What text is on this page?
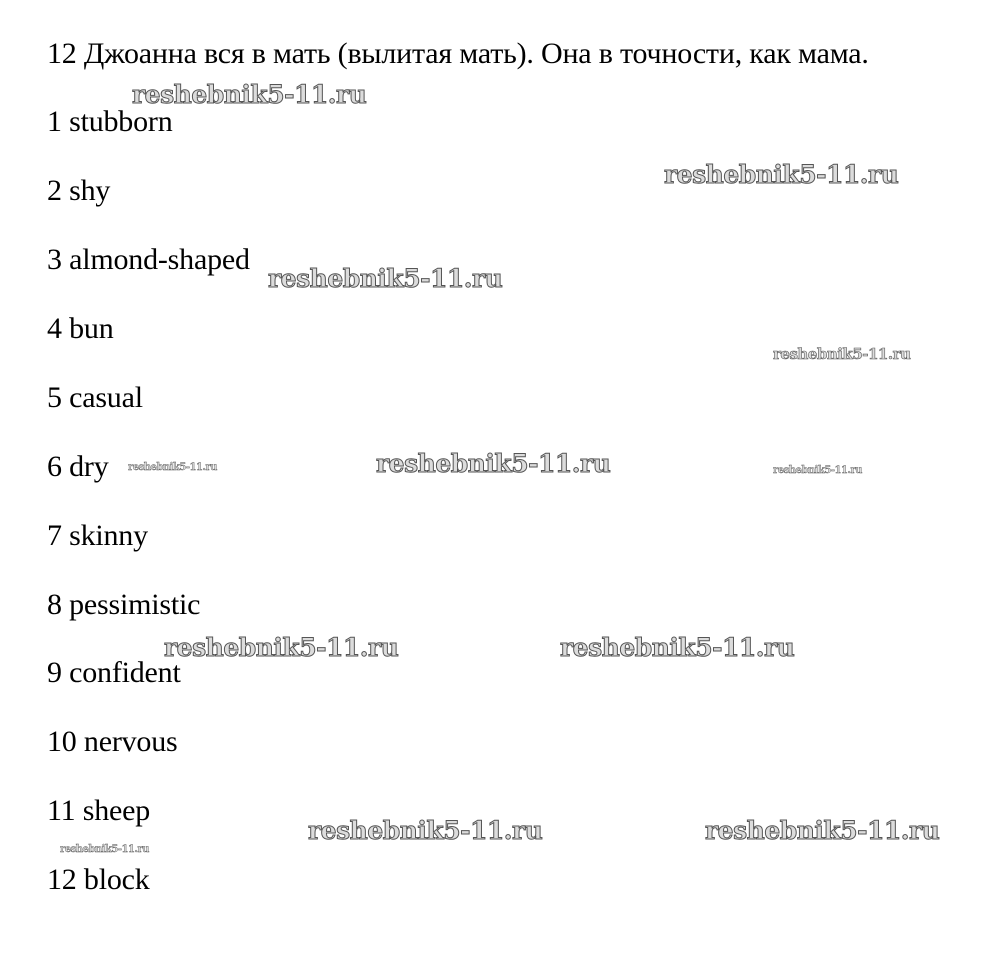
12 Джоанна вся в мать (вылитая мать). Она в точности, как мама.
1 stubborn
2 shy
3 almond-shaped
4 bun
5 casual
6 dry
7 skinny
8 pessimistic
9 confident
10 nervous
11 sheep
12 block
reshebnik5-11.ru
reshebnik5-11.ru
reshebnik5-11.ru
reshebnik5-11.ru
reshebnik5-11.ru	reshebnik5-11.ru	reshebnik5-11.ru
reshebnik5-11.ru	reshebnik5-11.ru
reshebnik5-11.ru	reshebnik5-11.ru
reshebnik5-11.ru
